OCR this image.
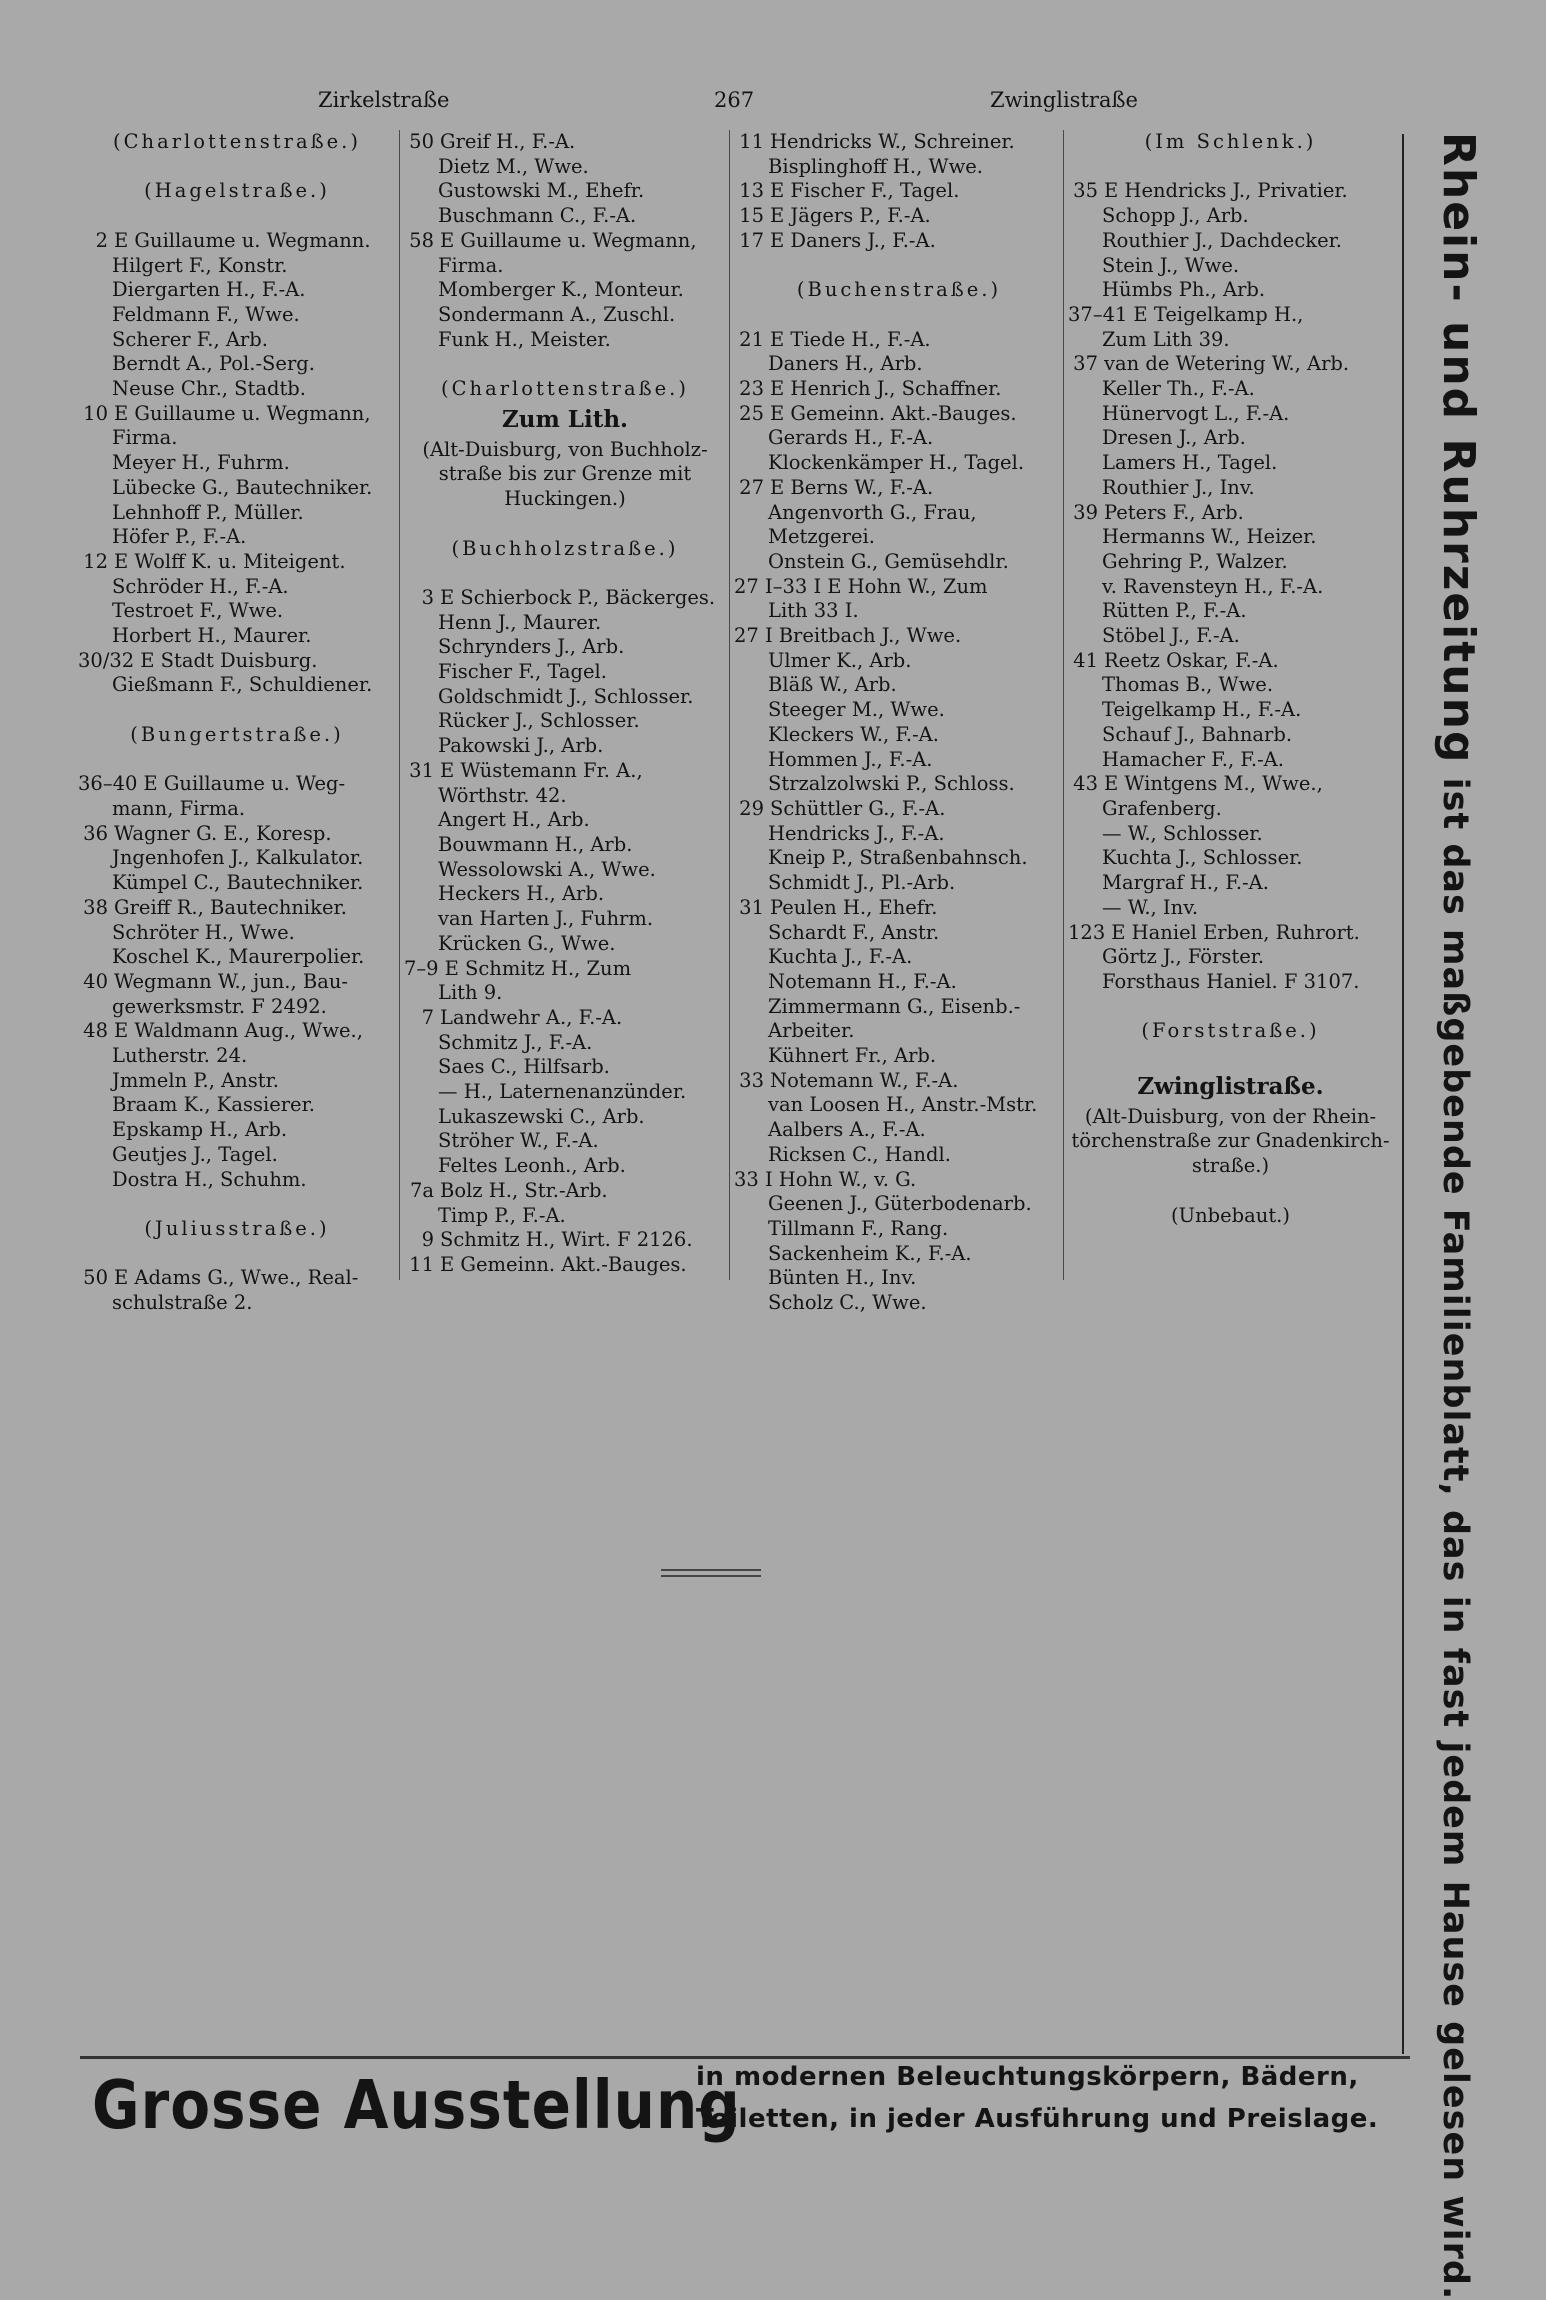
Zirkelstraße	267	Zwinglistraße
(Charlottenstraße.)

(Hagelstraße.)

2 E Guillaume u. Wegmann.
Hilgert F., Konstr.
Diergarten H., F.-A.
Feldmann F., Wwe.
Scherer F., Arb.
Berndt A., Pol.-Serg.
Neuse Chr., Stadtb.
10 E Guillaume u. Wegmann,
Firma.
Meyer H., Fuhrm.
Lübecke G., Bautechniker.
Lehnhoff P., Müller.
Höfer P., F.-A.
12 E Wolff K. u. Miteigent.
Schröder H., F.-A.
Testroet F., Wwe.
Horbert H., Maurer.
30/32 E Stadt Duisburg.
Gießmann F., Schuldiener.

(Bungertstraße.)

36–40 E Guillaume u. Weg-
mann, Firma.
36 Wagner G. E., Koresp.
Jngenhofen J., Kalkulator.
Kümpel C., Bautechniker.
38 Greiff R., Bautechniker.
Schröter H., Wwe.
Koschel K., Maurerpolier.
40 Wegmann W., jun., Bau-
gewerksmstr. F 2492.
48 E Waldmann Aug., Wwe.,
Lutherstr. 24.
Jmmeln P., Anstr.
Braam K., Kassierer.
Epskamp H., Arb.
Geutjes J., Tagel.
Dostra H., Schuhm.

(Juliusstraße.)

50 E Adams G., Wwe., Real-
schulstraße 2.
50 Greif H., F.-A.
Dietz M., Wwe.
Gustowski M., Ehefr.
Buschmann C., F.-A.
58 E Guillaume u. Wegmann,
Firma.
Momberger K., Monteur.
Sondermann A., Zuschl.
Funk H., Meister.

(Charlottenstraße.)
Zum Lith.
(Alt-Duisburg, von Buchholz-
straße bis zur Grenze mit
Huckingen.)

(Buchholzstraße.)

3 E Schierbock P., Bäckerges.
Henn J., Maurer.
Schrynders J., Arb.
Fischer F., Tagel.
Goldschmidt J., Schlosser.
Rücker J., Schlosser.
Pakowski J., Arb.
31 E Wüstemann Fr. A.,
Wörthstr. 42.
Angert H., Arb.
Bouwmann H., Arb.
Wessolowski A., Wwe.
Heckers H., Arb.
van Harten J., Fuhrm.
Krücken G., Wwe.
7–9 E Schmitz H., Zum
Lith 9.
7 Landwehr A., F.-A.
Schmitz J., F.-A.
Saes C., Hilfsarb.
— H., Laternenanzünder.
Lukaszewski C., Arb.
Ströher W., F.-A.
Feltes Leonh., Arb.
7a Bolz H., Str.-Arb.
Timp P., F.-A.
9 Schmitz H., Wirt. F 2126.
11 E Gemeinn. Akt.-Bauges.
11 Hendricks W., Schreiner.
Bisplinghoff H., Wwe.
13 E Fischer F., Tagel.
15 E Jägers P., F.-A.
17 E Daners J., F.-A.

(Buchenstraße.)

21 E Tiede H., F.-A.
Daners H., Arb.
23 E Henrich J., Schaffner.
25 E Gemeinn. Akt.-Bauges.
Gerards H., F.-A.
Klockenkämper H., Tagel.
27 E Berns W., F.-A.
Angenvorth G., Frau,
Metzgerei.
Onstein G., Gemüsehdlr.
27 I–33 I E Hohn W., Zum
Lith 33 I.
27 I Breitbach J., Wwe.
Ulmer K., Arb.
Bläß W., Arb.
Steeger M., Wwe.
Kleckers W., F.-A.
Hommen J., F.-A.
Strzalzolwski P., Schloss.
29 Schüttler G., F.-A.
Hendricks J., F.-A.
Kneip P., Straßenbahnsch.
Schmidt J., Pl.-Arb.
31 Peulen H., Ehefr.
Schardt F., Anstr.
Kuchta J., F.-A.
Notemann H., F.-A.
Zimmermann G., Eisenb.-
Arbeiter.
Kühnert Fr., Arb.
33 Notemann W., F.-A.
van Loosen H., Anstr.-Mstr.
Aalbers A., F.-A.
Ricksen C., Handl.
33 I Hohn W., v. G.
Geenen J., Güterbodenarb.
Tillmann F., Rang.
Sackenheim K., F.-A.
Bünten H., Inv.
Scholz C., Wwe.
(Im Schlenk.)

35 E Hendricks J., Privatier.
Schopp J., Arb.
Routhier J., Dachdecker.
Stein J., Wwe.
Hümbs Ph., Arb.
37–41 E Teigelkamp H.,
Zum Lith 39.
37 van de Wetering W., Arb.
Keller Th., F.-A.
Hünervogt L., F.-A.
Dresen J., Arb.
Lamers H., Tagel.
Routhier J., Inv.
39 Peters F., Arb.
Hermanns W., Heizer.
Gehring P., Walzer.
v. Ravensteyn H., F.-A.
Rütten P., F.-A.
Stöbel J., F.-A.
41 Reetz Oskar, F.-A.
Thomas B., Wwe.
Teigelkamp H., F.-A.
Schauf J., Bahnarb.
Hamacher F., F.-A.
43 E Wintgens M., Wwe.,
Grafenberg.
— W., Schlosser.
Kuchta J., Schlosser.
Margraf H., F.-A.
— W., Inv.
123 E Haniel Erben, Ruhrort.
Görtz J., Förster.
Forsthaus Haniel. F 3107.

(Forststraße.)

Zwinglistraße.
(Alt-Duisburg, von der Rhein-
törchenstraße zur Gnadenkirch-
straße.)

(Unbebaut.)
Rhein- und Ruhrzeitung ist das maßgebende Familienblatt, das in fast jedem Hause gelesen wird.
Grosse Ausstellung
in modernen Beleuchtungskörpern, Bädern,
Toiletten, in jeder Ausführung und Preislage.
